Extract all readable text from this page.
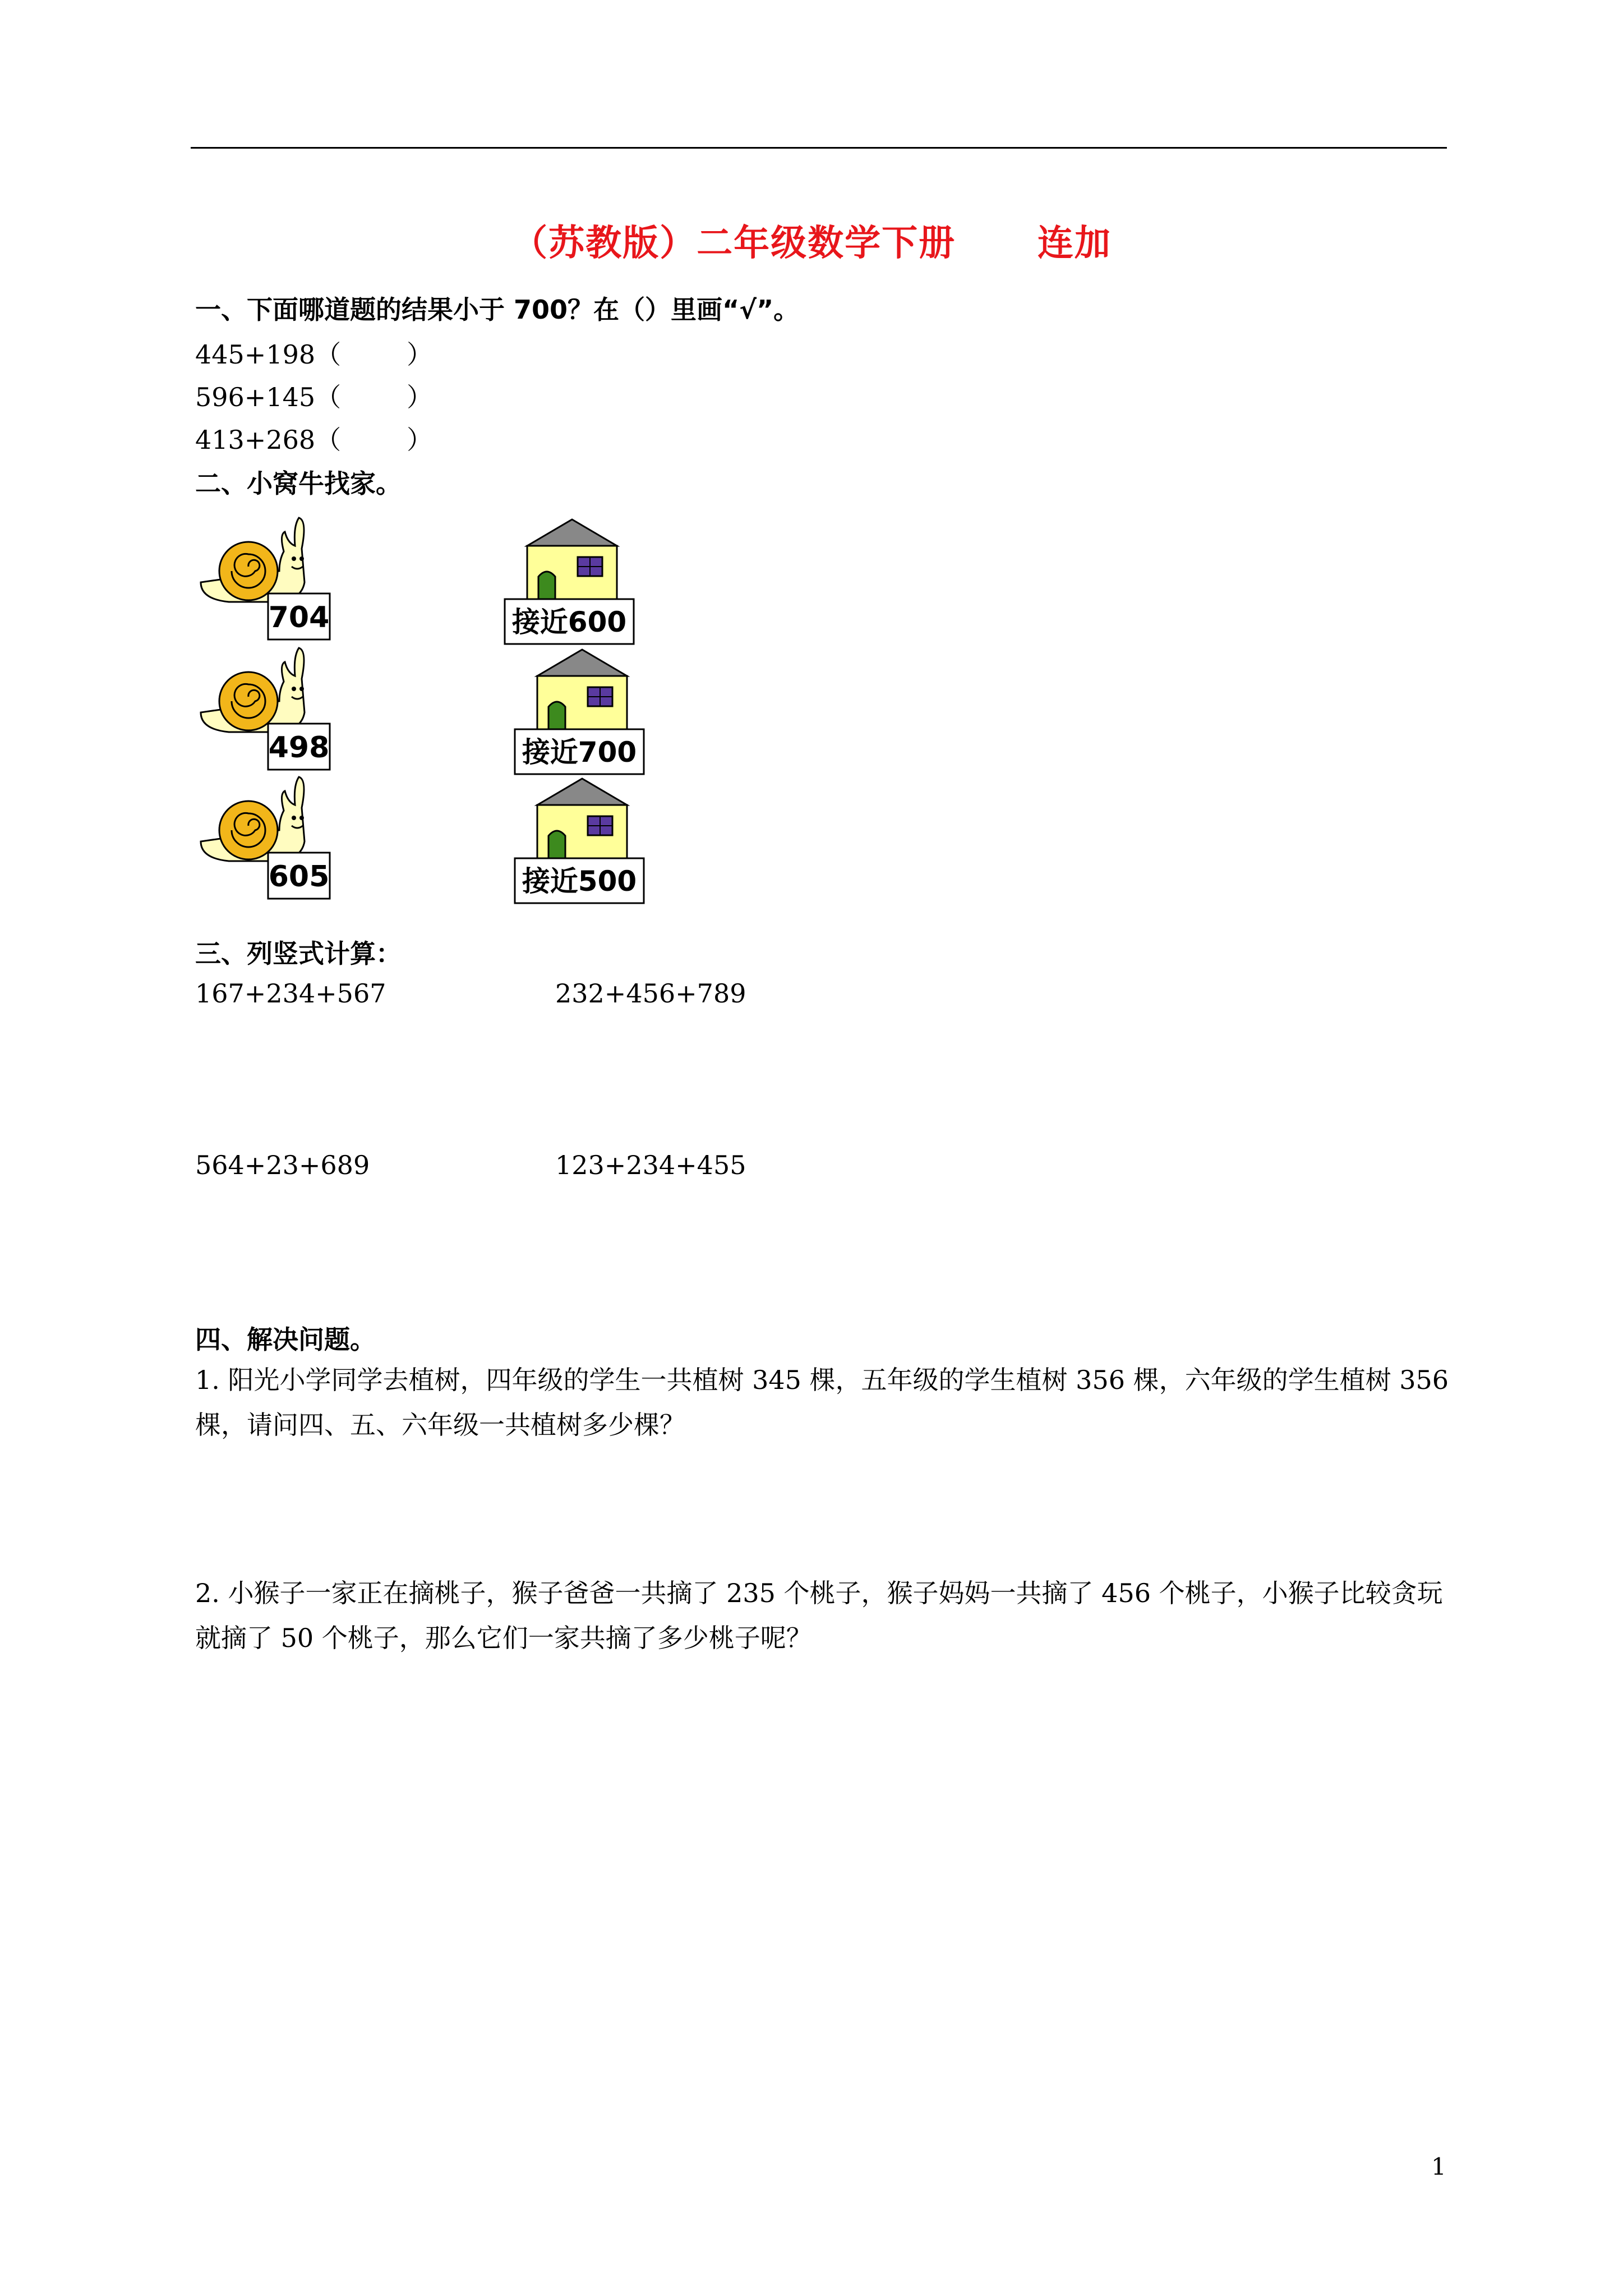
（苏教版）二年级数学下册      连加
一、下面哪道题的结果小于 700？在（）里画“√”。
445+198（        ）
596+145（        ）
413+268（        ）
二、小窝牛找家。
704
498
605
接近600
接近700
接近500
三、列竖式计算：
167+234+567	232+456+789
564+23+689	123+234+455
四、解决问题。
1. 阳光小学同学去植树，四年级的学生一共植树 345 棵，五年级的学生植树 356 棵，六年级的学生植树 356 棵，请问四、五、六年级一共植树多少棵？
2. 小猴子一家正在摘桃子，猴子爸爸一共摘了 235 个桃子，猴子妈妈一共摘了 456 个桃子，小猴子比较贪玩就摘了 50 个桃子，那么它们一家共摘了多少桃子呢？
1
